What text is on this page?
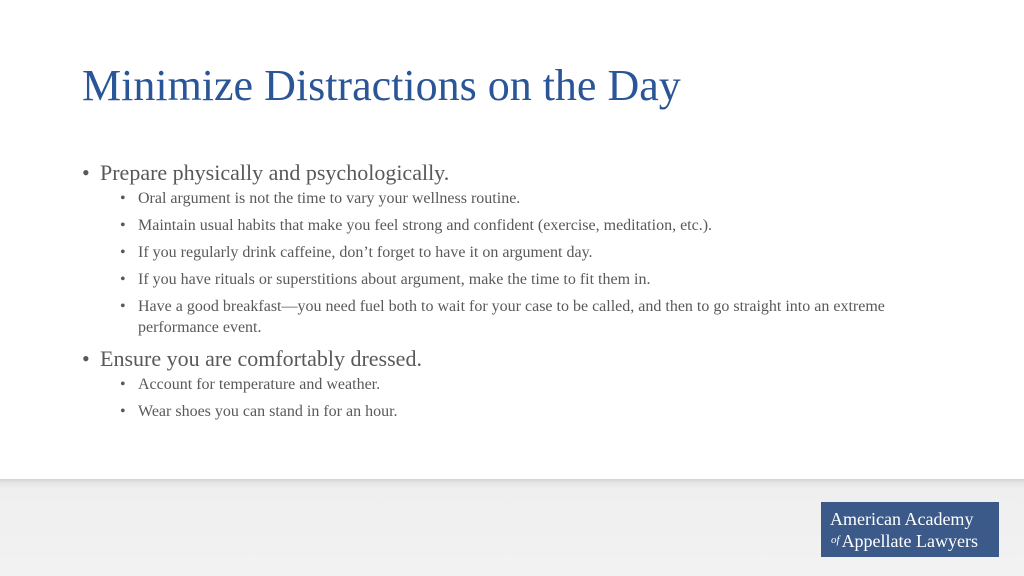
Minimize Distractions on the Day
• Prepare physically and psychologically.
• Oral argument is not the time to vary your wellness routine.
• Maintain usual habits that make you feel strong and confident (exercise, meditation, etc.).
• If you regularly drink caffeine, don’t forget to have it on argument day.
• If you have rituals or superstitions about argument, make the time to fit them in.
• Have a good breakfast—you need fuel both to wait for your case to be called, and then to go straight into an extreme performance event.
• Ensure you are comfortably dressed.
• Account for temperature and weather.
• Wear shoes you can stand in for an hour.
American Academy
$^{of}$ Appellate Lawyers
